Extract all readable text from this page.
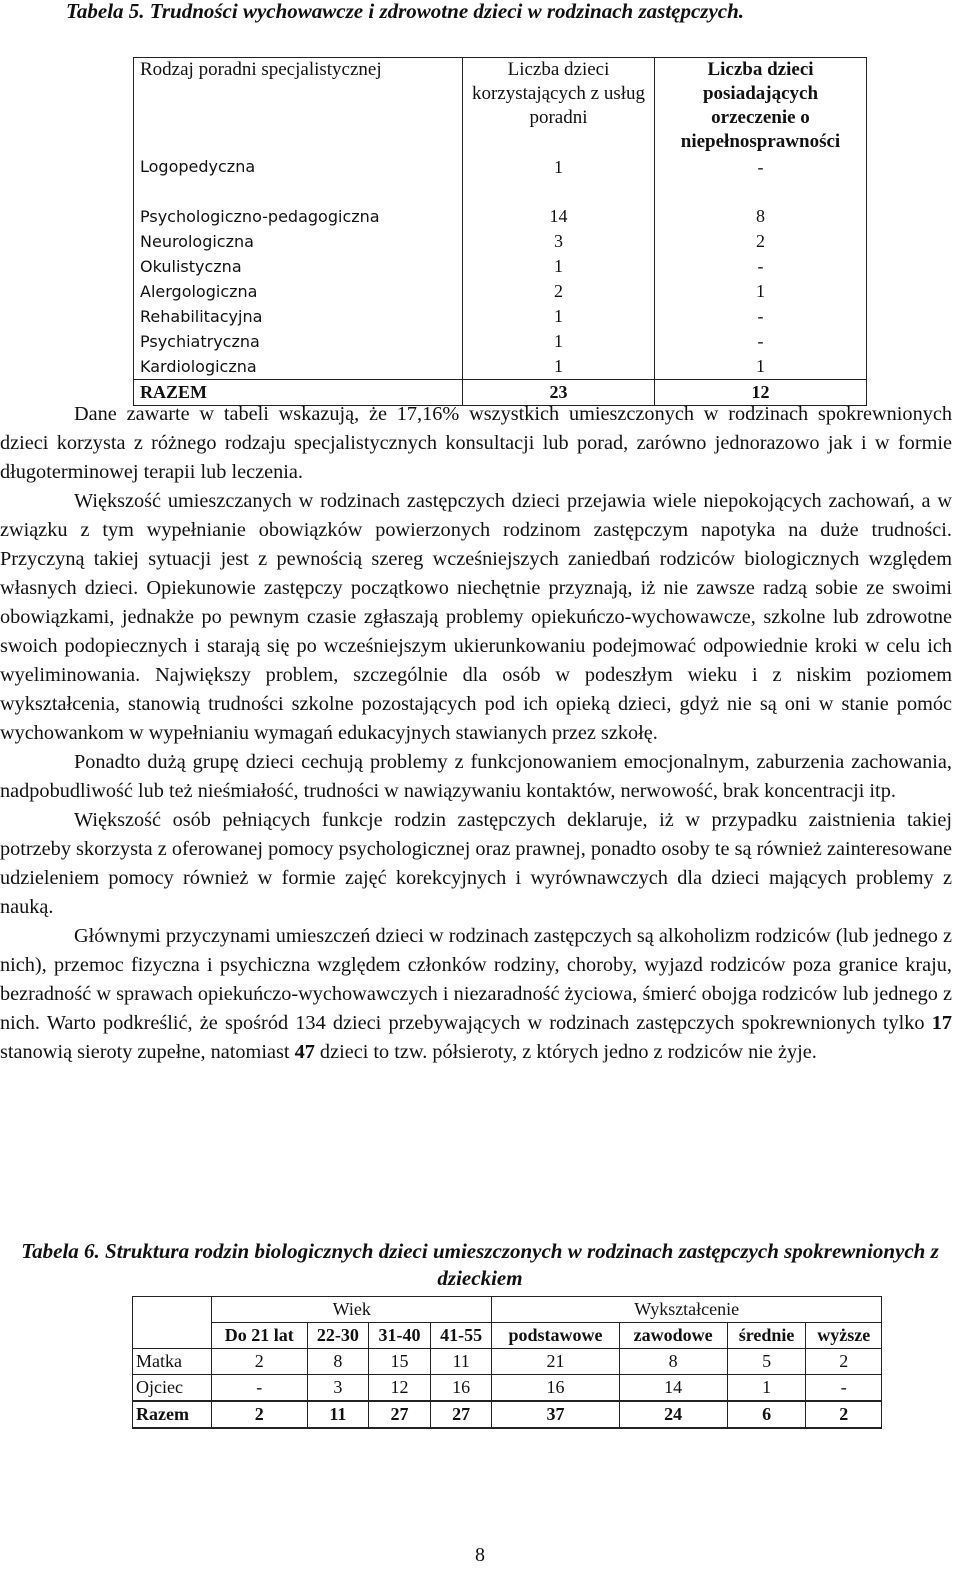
Tabela 5. Trudności wychowawcze i zdrowotne dzieci w rodzinach zastępczych.

Rodzaj poradni specjalistycznej	Liczba dzieci korzystających z usług poradni	Liczba dzieci posiadających orzeczenie o niepełnosprawności
Logopedyczna	1	-
Psychologiczno-pedagogiczna	14	8
Neurologiczna	3	2
Okulistyczna	1	-
Alergologiczna	2	1
Rehabilitacyjna	1	-
Psychiatryczna	1	-
Kardiologiczna	1	1
RAZEM	23	12

Dane zawarte w tabeli wskazują, że 17,16% wszystkich umieszczonych w rodzinach spokrewnionych dzieci korzysta z różnego rodzaju specjalistycznych konsultacji lub porad, zarówno jednorazowo jak i w formie długoterminowej terapii lub leczenia.

Większość umieszczanych w rodzinach zastępczych dzieci przejawia wiele niepokojących zachowań, a w związku z tym wypełnianie obowiązków powierzonych rodzinom zastępczym napotyka na duże trudności. Przyczyną takiej sytuacji jest z pewnością szereg wcześniejszych zaniedbań rodziców biologicznych względem własnych dzieci. Opiekunowie zastępczy początkowo niechętnie przyznają, iż nie zawsze radzą sobie ze swoimi obowiązkami, jednakże po pewnym czasie zgłaszają problemy opiekuńczo-wychowawcze, szkolne lub zdrowotne swoich podopiecznych i starają się po wcześniejszym ukierunkowaniu podejmować odpowiednie kroki w celu ich wyeliminowania. Największy problem, szczególnie dla osób w podeszłym wieku i z niskim poziomem wykształcenia, stanowią trudności szkolne pozostających pod ich opieką dzieci, gdyż nie są oni w stanie pomóc wychowankom w wypełnianiu wymagań edukacyjnych stawianych przez szkołę.

Ponadto dużą grupę dzieci cechują problemy z funkcjonowaniem emocjonalnym, zaburzenia zachowania, nadpobudliwość lub też nieśmiałość, trudności w nawiązywaniu kontaktów, nerwowość, brak koncentracji itp.

Większość osób pełniących funkcje rodzin zastępczych deklaruje, iż w przypadku zaistnienia takiej potrzeby skorzysta z oferowanej pomocy psychologicznej oraz prawnej, ponadto osoby te są również zainteresowane udzieleniem pomocy również w formie zajęć korekcyjnych i wyrównawczych dla dzieci mających problemy z nauką.

Głównymi przyczynami umieszczeń dzieci w rodzinach zastępczych są alkoholizm rodziców (lub jednego z nich), przemoc fizyczna i psychiczna względem członków rodziny, choroby, wyjazd rodziców poza granice kraju, bezradność w sprawach opiekuńczo-wychowawczych i niezaradność życiowa, śmierć obojga rodziców lub jednego z nich. Warto podkreślić, że spośród 134 dzieci przebywających w rodzinach zastępczych spokrewnionych tylko 17 stanowią sieroty zupełne, natomiast 47 dzieci to tzw. półsieroty, z których jedno z rodziców nie żyje.

Tabela 6. Struktura rodzin biologicznych dzieci umieszczonych w rodzinach zastępczych spokrewnionych z dzieckiem

	Wiek				Wykształcenie			
	Do 21 lat	22-30	31-40	41-55	podstawowe	zawodowe	średnie	wyższe
Matka	2	8	15	11	21	8	5	2
Ojciec	-	3	12	16	16	14	1	-
Razem	2	11	27	27	37	24	6	2
8
